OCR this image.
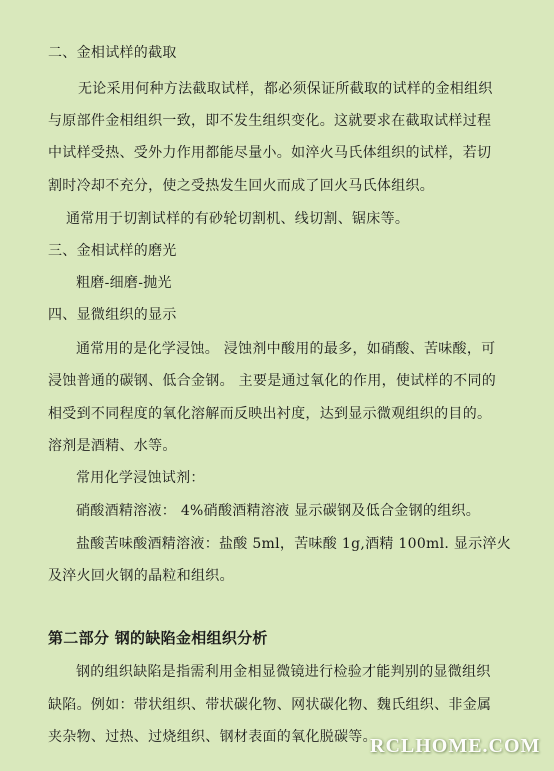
二、金相试样的截取
无论采用何种方法截取试样，都必须保证所截取的试样的金相组织
与原部件金相组织一致，即不发生组织变化。这就要求在截取试样过程
中试样受热、受外力作用都能尽量小。如淬火马氏体组织的试样，若切
割时冷却不充分，使之受热发生回火而成了回火马氏体组织。
通常用于切割试样的有砂轮切割机、线切割、锯床等。
三、金相试样的磨光
粗磨-细磨-抛光
四、显微组织的显示
通常用的是化学浸蚀。 浸蚀剂中酸用的最多，如硝酸、苦味酸，可
浸蚀普通的碳钢、低合金钢。 主要是通过氧化的作用，使试样的不同的
相受到不同程度的氧化溶解而反映出衬度，达到显示微观组织的目的。
溶剂是酒精、水等。
常用化学浸蚀试剂：
硝酸酒精溶液： 4%硝酸酒精溶液 显示碳钢及低合金钢的组织。
盐酸苦味酸酒精溶液：盐酸 5ml，苦味酸 1g,酒精 100ml. 显示淬火
及淬火回火钢的晶粒和组织。
第二部分 钢的缺陷金相组织分析
钢的组织缺陷是指需利用金相显微镜进行检验才能判别的显微组织
缺陷。例如：带状组织、带状碳化物、网状碳化物、魏氏组织、非金属
夹杂物、过热、过烧组织、钢材表面的氧化脱碳等。
RCLHOME.COM
